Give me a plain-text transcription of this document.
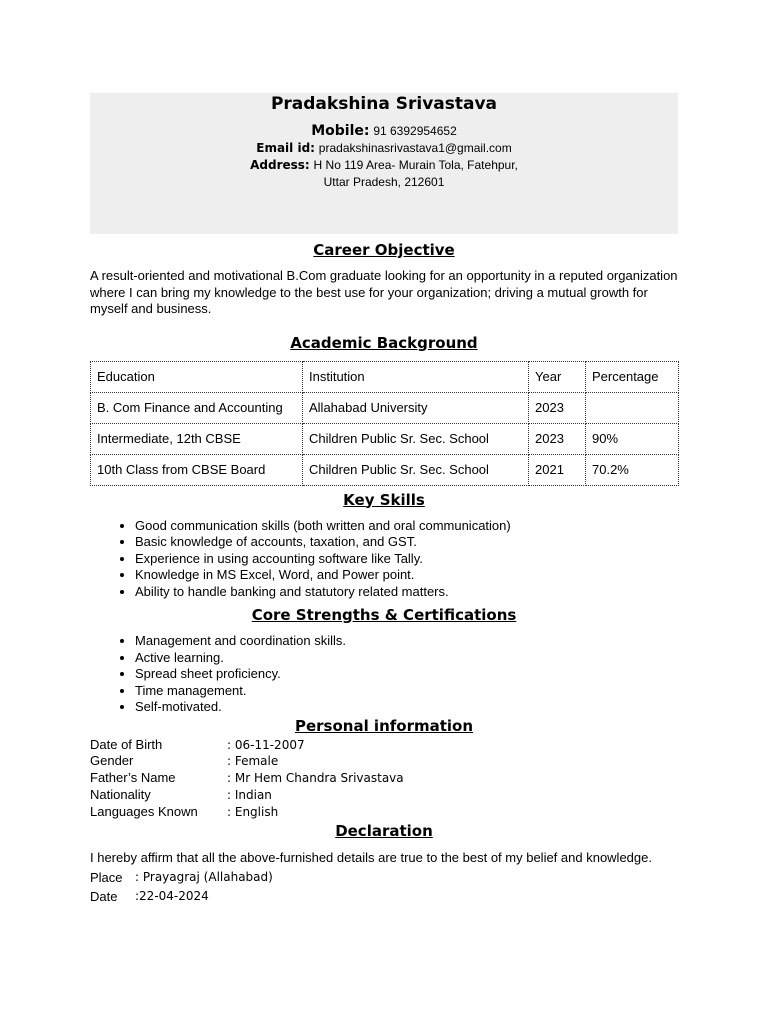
Pradakshina Srivastava
Mobile: 91 6392954652
Email id: pradakshinasrivastava1@gmail.com
Address: H No 119 Area- Murain Tola, Fatehpur,
Uttar Pradesh, 212601
Career Objective
A result-oriented and motivational B.Com graduate looking for an opportunity in a reputed organization where I can bring my knowledge to the best use for your organization; driving a mutual growth for myself and business.
Academic Background
Education	Institution	Year	Percentage
B. Com Finance and Accounting	Allahabad University	2023	
Intermediate, 12th CBSE	Children Public Sr. Sec. School	2023	90%
10th Class from CBSE Board	Children Public Sr. Sec. School	2021	70.2%
Key Skills
• Good communication skills (both written and oral communication)
• Basic knowledge of accounts, taxation, and GST.
• Experience in using accounting software like Tally.
• Knowledge in MS Excel, Word, and Power point.
• Ability to handle banking and statutory related matters.
Core Strengths & Certifications
• Management and coordination skills.
• Active learning.
• Spread sheet proficiency.
• Time management.
• Self-motivated.
Personal information
Date of Birth	: 06-11-2007
Gender	: Female
Father’s Name	: Mr Hem Chandra Srivastava
Nationality	: Indian
Languages Known	: English
Declaration
I hereby affirm that all the above-furnished details are true to the best of my belief and knowledge.
Place	: Prayagraj (Allahabad)
Date	:22-04-2024
